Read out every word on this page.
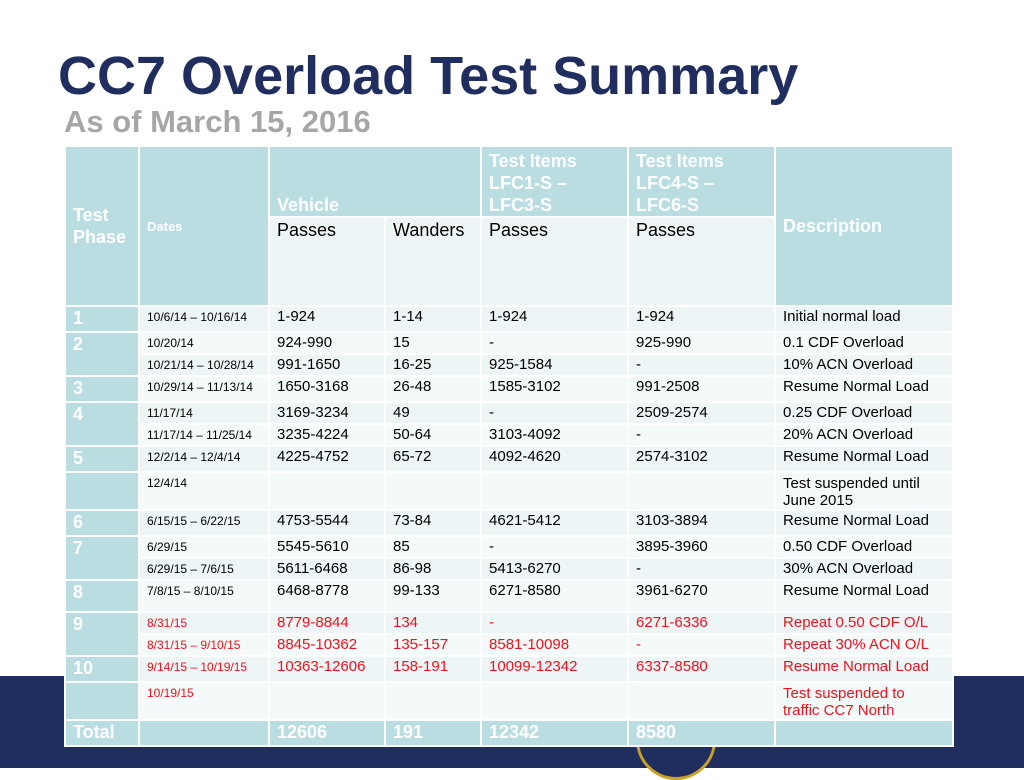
CC7 Overload Test Summary
As of March 15, 2016
Test Phase	Dates	Vehicle		Test Items LFC1-S – LFC3-S	Test Items LFC4-S – LFC6-S	Description
		Passes	Wanders	Passes	Passes	
1	10/6/14 – 10/16/14	1-924	1-14	1-924	1-924	Initial normal load
2	10/20/14	924-990	15	-	925-990	0.1 CDF Overload
	10/21/14 – 10/28/14	991-1650	16-25	925-1584	-	10% ACN Overload
3	10/29/14 – 11/13/14	1650-3168	26-48	1585-3102	991-2508	Resume Normal Load
4	11/17/14	3169-3234	49	-	2509-2574	0.25 CDF Overload
	11/17/14 – 11/25/14	3235-4224	50-64	3103-4092	-	20% ACN Overload
5	12/2/14 – 12/4/14	4225-4752	65-72	4092-4620	2574-3102	Resume Normal Load
	12/4/14					Test suspended until June 2015
6	6/15/15 – 6/22/15	4753-5544	73-84	4621-5412	3103-3894	Resume Normal Load
7	6/29/15	5545-5610	85	-	3895-3960	0.50 CDF Overload
	6/29/15 – 7/6/15	5611-6468	86-98	5413-6270	-	30% ACN Overload
8	7/8/15 – 8/10/15	6468-8778	99-133	6271-8580	3961-6270	Resume Normal Load
9	8/31/15	8779-8844	134	-	6271-6336	Repeat 0.50 CDF O/L
	8/31/15 – 9/10/15	8845-10362	135-157	8581-10098	-	Repeat 30% ACN O/L
10	9/14/15 – 10/19/15	10363-12606	158-191	10099-12342	6337-8580	Resume Normal Load
	10/19/15					Test suspended to traffic CC7 North
Total		12606	191	12342	8580	
